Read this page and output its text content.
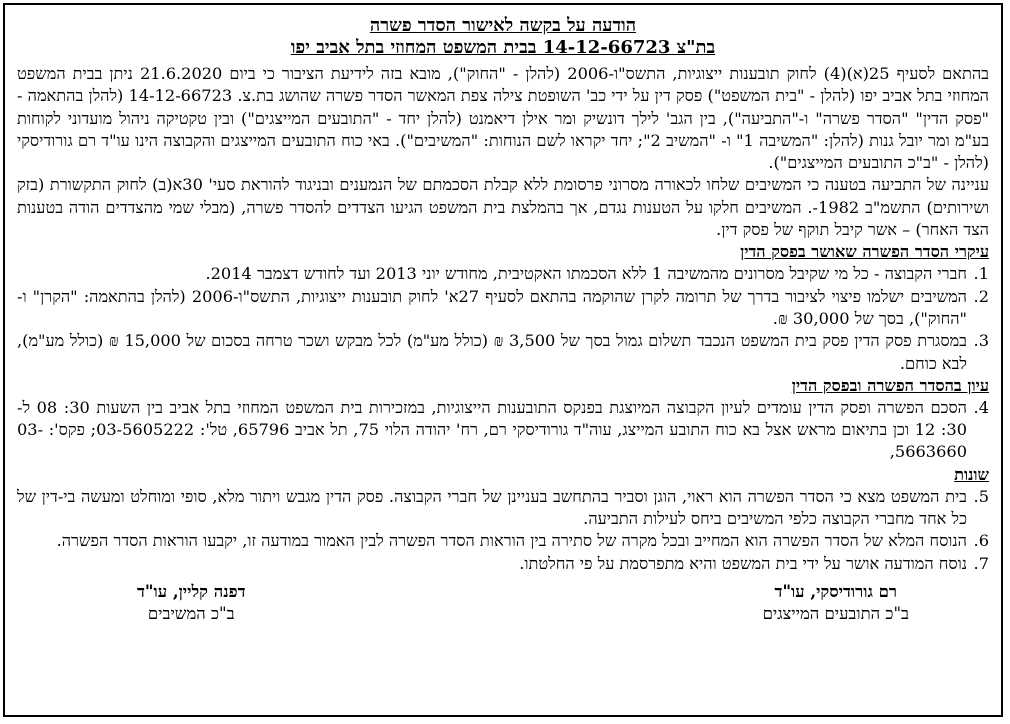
הודעה על בקשה לאישור הסדר פשרה
בת"צ 14-12-66723 בבית המשפט המחוזי בתל אביב יפו

בהתאם לסעיף 25(א)(4) לחוק תובענות ייצוגיות, התשס"ו-2006 (להלן - "החוק"), מובא בזה לידיעת הציבור כי ביום 21.6.2020 ניתן בבית המשפט המחוזי בתל אביב יפו (להלן - "בית המשפט") פסק דין על ידי כב' השופטת צילה צפת המאשר הסדר פשרה שהושג בת.צ. 14-12-66723 (להלן בהתאמה - "פסק הדין" "הסדר פשרה" ו-"התביעה"), בין הגב' לילך דונשיק ומר אילן דיאמנט (להלן יחד - "התובעים המייצגים") ובין טקטיקה ניהול מועדוני לקוחות בע"מ ומר יובל גנות (להלן: "המשיבה 1" ו- "המשיב 2"; יחד יקראו לשם הנוחות: "המשיבים"). באי כוח התובעים המייצגים והקבוצה הינו עו"ד רם גורודיסקי (להלן - "ב"כ התובעים המייצגים").

עניינה של התביעה בטענה כי המשיבים שלחו לכאורה מסרוני פרסומת ללא קבלת הסכמתם של הנמענים ובניגוד להוראת סעי' 30א(ב) לחוק התקשורת (בזק ושירותים) התשמ"ב 1982-. המשיבים חלקו על הטענות נגדם, אך בהמלצת בית המשפט הגיעו הצדדים להסדר פשרה, (מבלי שמי מהצדדים הודה בטענות הצד האחר) – אשר קיבל תוקף של פסק דין.

עיקרי הסדר הפשרה שאושר בפסק הדין
1.
חברי הקבוצה - כל מי שקיבל מסרונים מהמשיבה 1 ללא הסכמתו האקטיבית, מחודש יוני 2013 ועד לחודש דצמבר 2014.
2.
המשיבים ישלמו פיצוי לציבור בדרך של תרומה לקרן שהוקמה בהתאם לסעיף 27א' לחוק תובענות ייצוגיות, התשס"ו-2006 (להלן בהתאמה: "הקרן" ו- "החוק"), בסך של 30,000 ₪.
3.
במסגרת פסק הדין פסק בית המשפט הנכבד תשלום גמול בסך של 3,500 ₪ (כולל מע"מ) לכל מבקש ושכר טרחה בסכום של 15,000 ₪ (כולל מע"מ), לבא כוחם.
עיון בהסדר הפשרה ובפסק הדין
4.
הסכם הפשרה ופסק הדין עומדים לעיון הקבוצה המיוצגת בפנקס התובענות הייצוגיות, במזכירות בית המשפט המחוזי בתל אביב בין השעות 30: 08 ל- 30: 12 וכן בתיאום מראש אצל בא כוח התובע המייצג, עוה"ד גורודיסקי רם, רח' יהודה הלוי 75, תל אביב 65796, טל': 03-5605222; פקס': 03-5663660,
שונות
5.
בית המשפט מצא כי הסדר הפשרה הוא ראוי, הוגן וסביר בהתחשב בעניינן של חברי הקבוצה. פסק הדין מגבש ויתור מלא, סופי ומוחלט ומעשה בי-דין של כל אחד מחברי הקבוצה כלפי המשיבים ביחס לעילות התביעה.
6.
הנוסח המלא של הסדר הפשרה הוא המחייב ובכל מקרה של סתירה בין הוראות הסדר הפשרה לבין האמור במודעה זו, יקבעו הוראות הסדר הפשרה.
7.
נוסח המודעה אושר על ידי בית המשפט והיא מתפרסמת על פי החלטתו.
רם גורודיסקי, עו"ד
ב"כ התובעים המייצגים
דפנה קליין, עו"ד
ב"כ המשיבים
